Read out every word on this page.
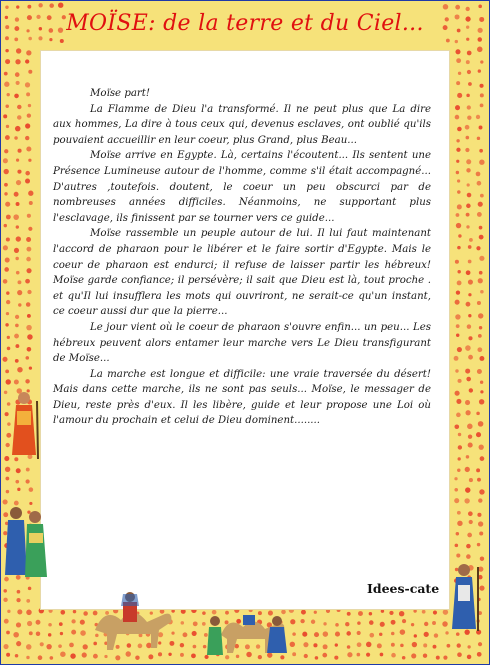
MOÏSE: de la terre et du Ciel...

Moïse part!

La Flamme de Dieu l'a transformé. Il ne peut plus que La dire aux hommes, La dire à tous ceux qui, devenus esclaves, ont oublié qu'ils pouvaient accueillir en leur coeur, plus Grand, plus Beau...

Moïse arrive en Egypte. Là, certains l'écoutent... Ils sentent une Présence Lumineuse autour de l'homme, comme s'il était accompagné... D'autres ,toutefois. doutent, le coeur un peu obscurci par de nombreuses années difficiles. Néanmoins, ne supportant plus l'esclavage, ils finissent par se tourner vers ce guide...

Moïse rassemble un peuple autour de lui. Il lui faut maintenant l'accord de pharaon pour le libérer et le faire sortir d'Egypte. Mais le coeur de pharaon est endurci; il refuse de laisser partir les hébreux! Moïse garde confiance; il persévère; il sait que Dieu est là, tout proche . et qu'Il lui insufflera les mots qui ouvriront, ne serait-ce qu'un instant, ce coeur aussi dur que la pierre...

Le jour vient où le coeur de pharaon s'ouvre enfin... un peu... Les hébreux peuvent alors entamer leur marche vers Le Dieu transfigurant de Moïse...

La marche est longue et difficile: une vraie traversée du désert! Mais dans cette marche, ils ne sont pas seuls... Moïse, le messager de Dieu, reste près d'eux. Il les libère, guide et leur propose une Loi où l'amour du prochain et celui de Dieu dominent........

Idees-cate
